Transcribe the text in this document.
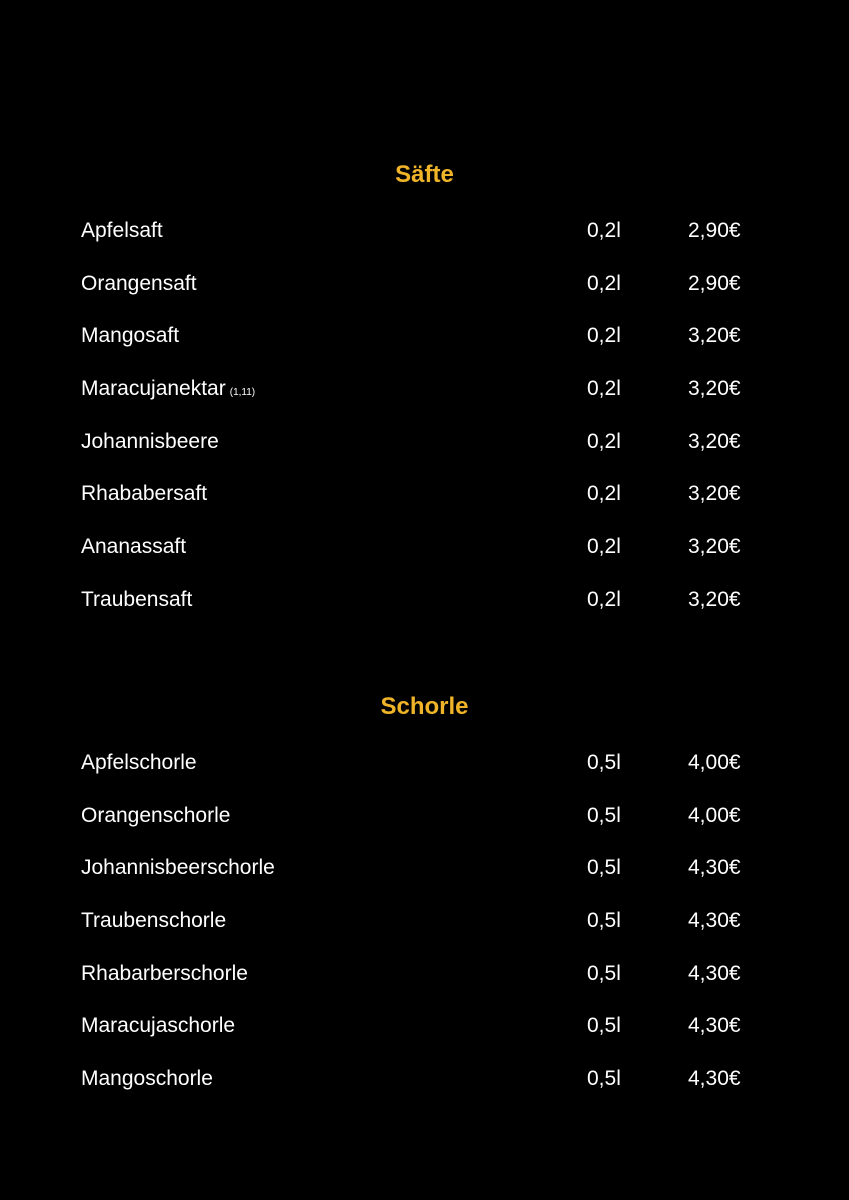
Säfte
Apfelsaft	0,2l	2,90€
Orangensaft	0,2l	2,90€
Mangosaft	0,2l	3,20€
Maracujanektar (1,11)	0,2l	3,20€
Johannisbeere	0,2l	3,20€
Rhababersaft	0,2l	3,20€
Ananassaft	0,2l	3,20€
Traubensaft	0,2l	3,20€
Schorle
Apfelschorle	0,5l	4,00€
Orangenschorle	0,5l	4,00€
Johannisbeerschorle	0,5l	4,30€
Traubenschorle	0,5l	4,30€
Rhabarberschorle	0,5l	4,30€
Maracujaschorle	0,5l	4,30€
Mangoschorle	0,5l	4,30€
